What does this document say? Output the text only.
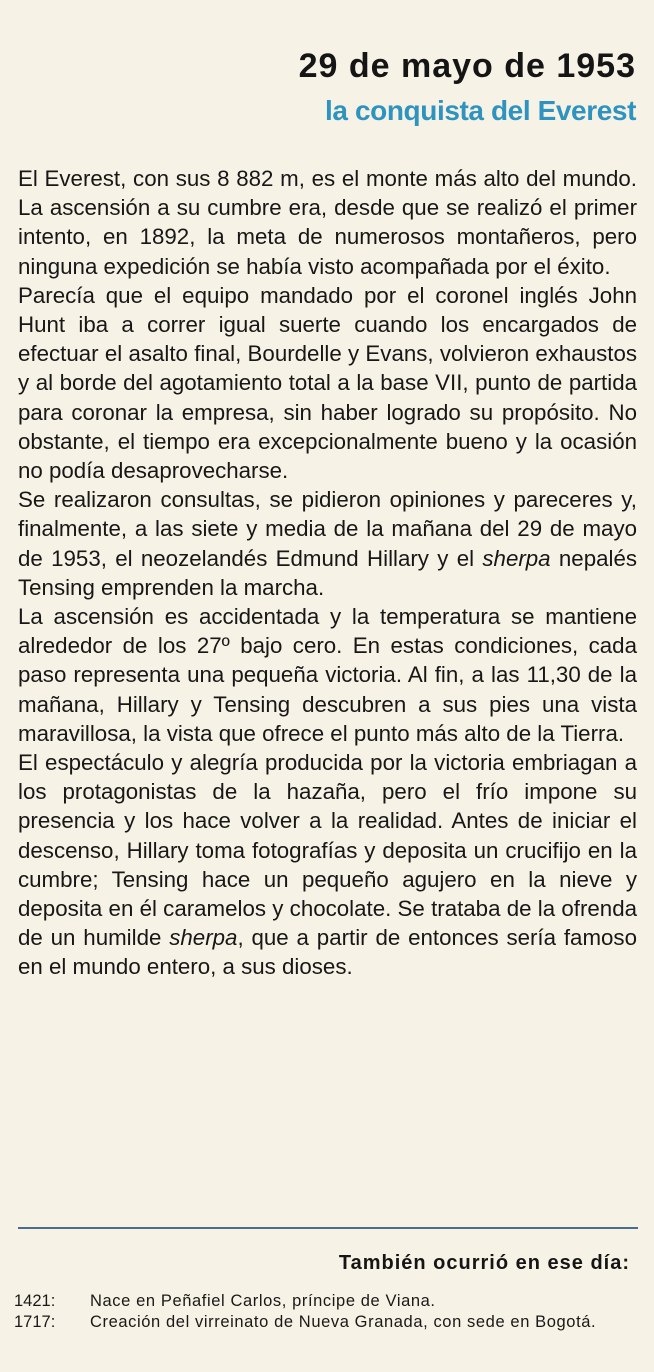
29 de mayo de 1953
la conquista del Everest

El Everest, con sus 8 882 m, es el monte más alto del mundo. La ascensión a su cumbre era, desde que se realizó el primer intento, en 1892, la meta de numerosos montañeros, pero ninguna expedición se había visto acompañada por el éxito.

Parecía que el equipo mandado por el coronel inglés John Hunt iba a correr igual suerte cuando los encargados de efectuar el asalto final, Bourdelle y Evans, volvieron exhaustos y al borde del agotamiento total a la base VII, punto de partida para coronar la empresa, sin haber logrado su propósito. No obstante, el tiempo era excepcionalmente bueno y la ocasión no podía desaprovecharse.

Se realizaron consultas, se pidieron opiniones y pareceres y, finalmente, a las siete y media de la mañana del 29 de mayo de 1953, el neozelandés Edmund Hillary y el sherpa nepalés Tensing emprenden la marcha.

La ascensión es accidentada y la temperatura se mantiene alrededor de los 27º bajo cero. En estas condiciones, cada paso representa una pequeña victoria. Al fin, a las 11,30 de la mañana, Hillary y Tensing descubren a sus pies una vista maravillosa, la vista que ofrece el punto más alto de la Tierra.

El espectáculo y alegría producida por la victoria embriagan a los protagonistas de la hazaña, pero el frío impone su presencia y los hace volver a la realidad. Antes de iniciar el descenso, Hillary toma fotografías y deposita un crucifijo en la cumbre; Tensing hace un pequeño agujero en la nieve y deposita en él caramelos y chocolate. Se trataba de la ofrenda de un humilde sherpa, que a partir de entonces sería famoso en el mundo entero, a sus dioses.

También ocurrió en ese día:
1421:	Nace en Peñafiel Carlos, príncipe de Viana.
1717:	Creación del virreinato de Nueva Granada, con sede en Bogotá.
